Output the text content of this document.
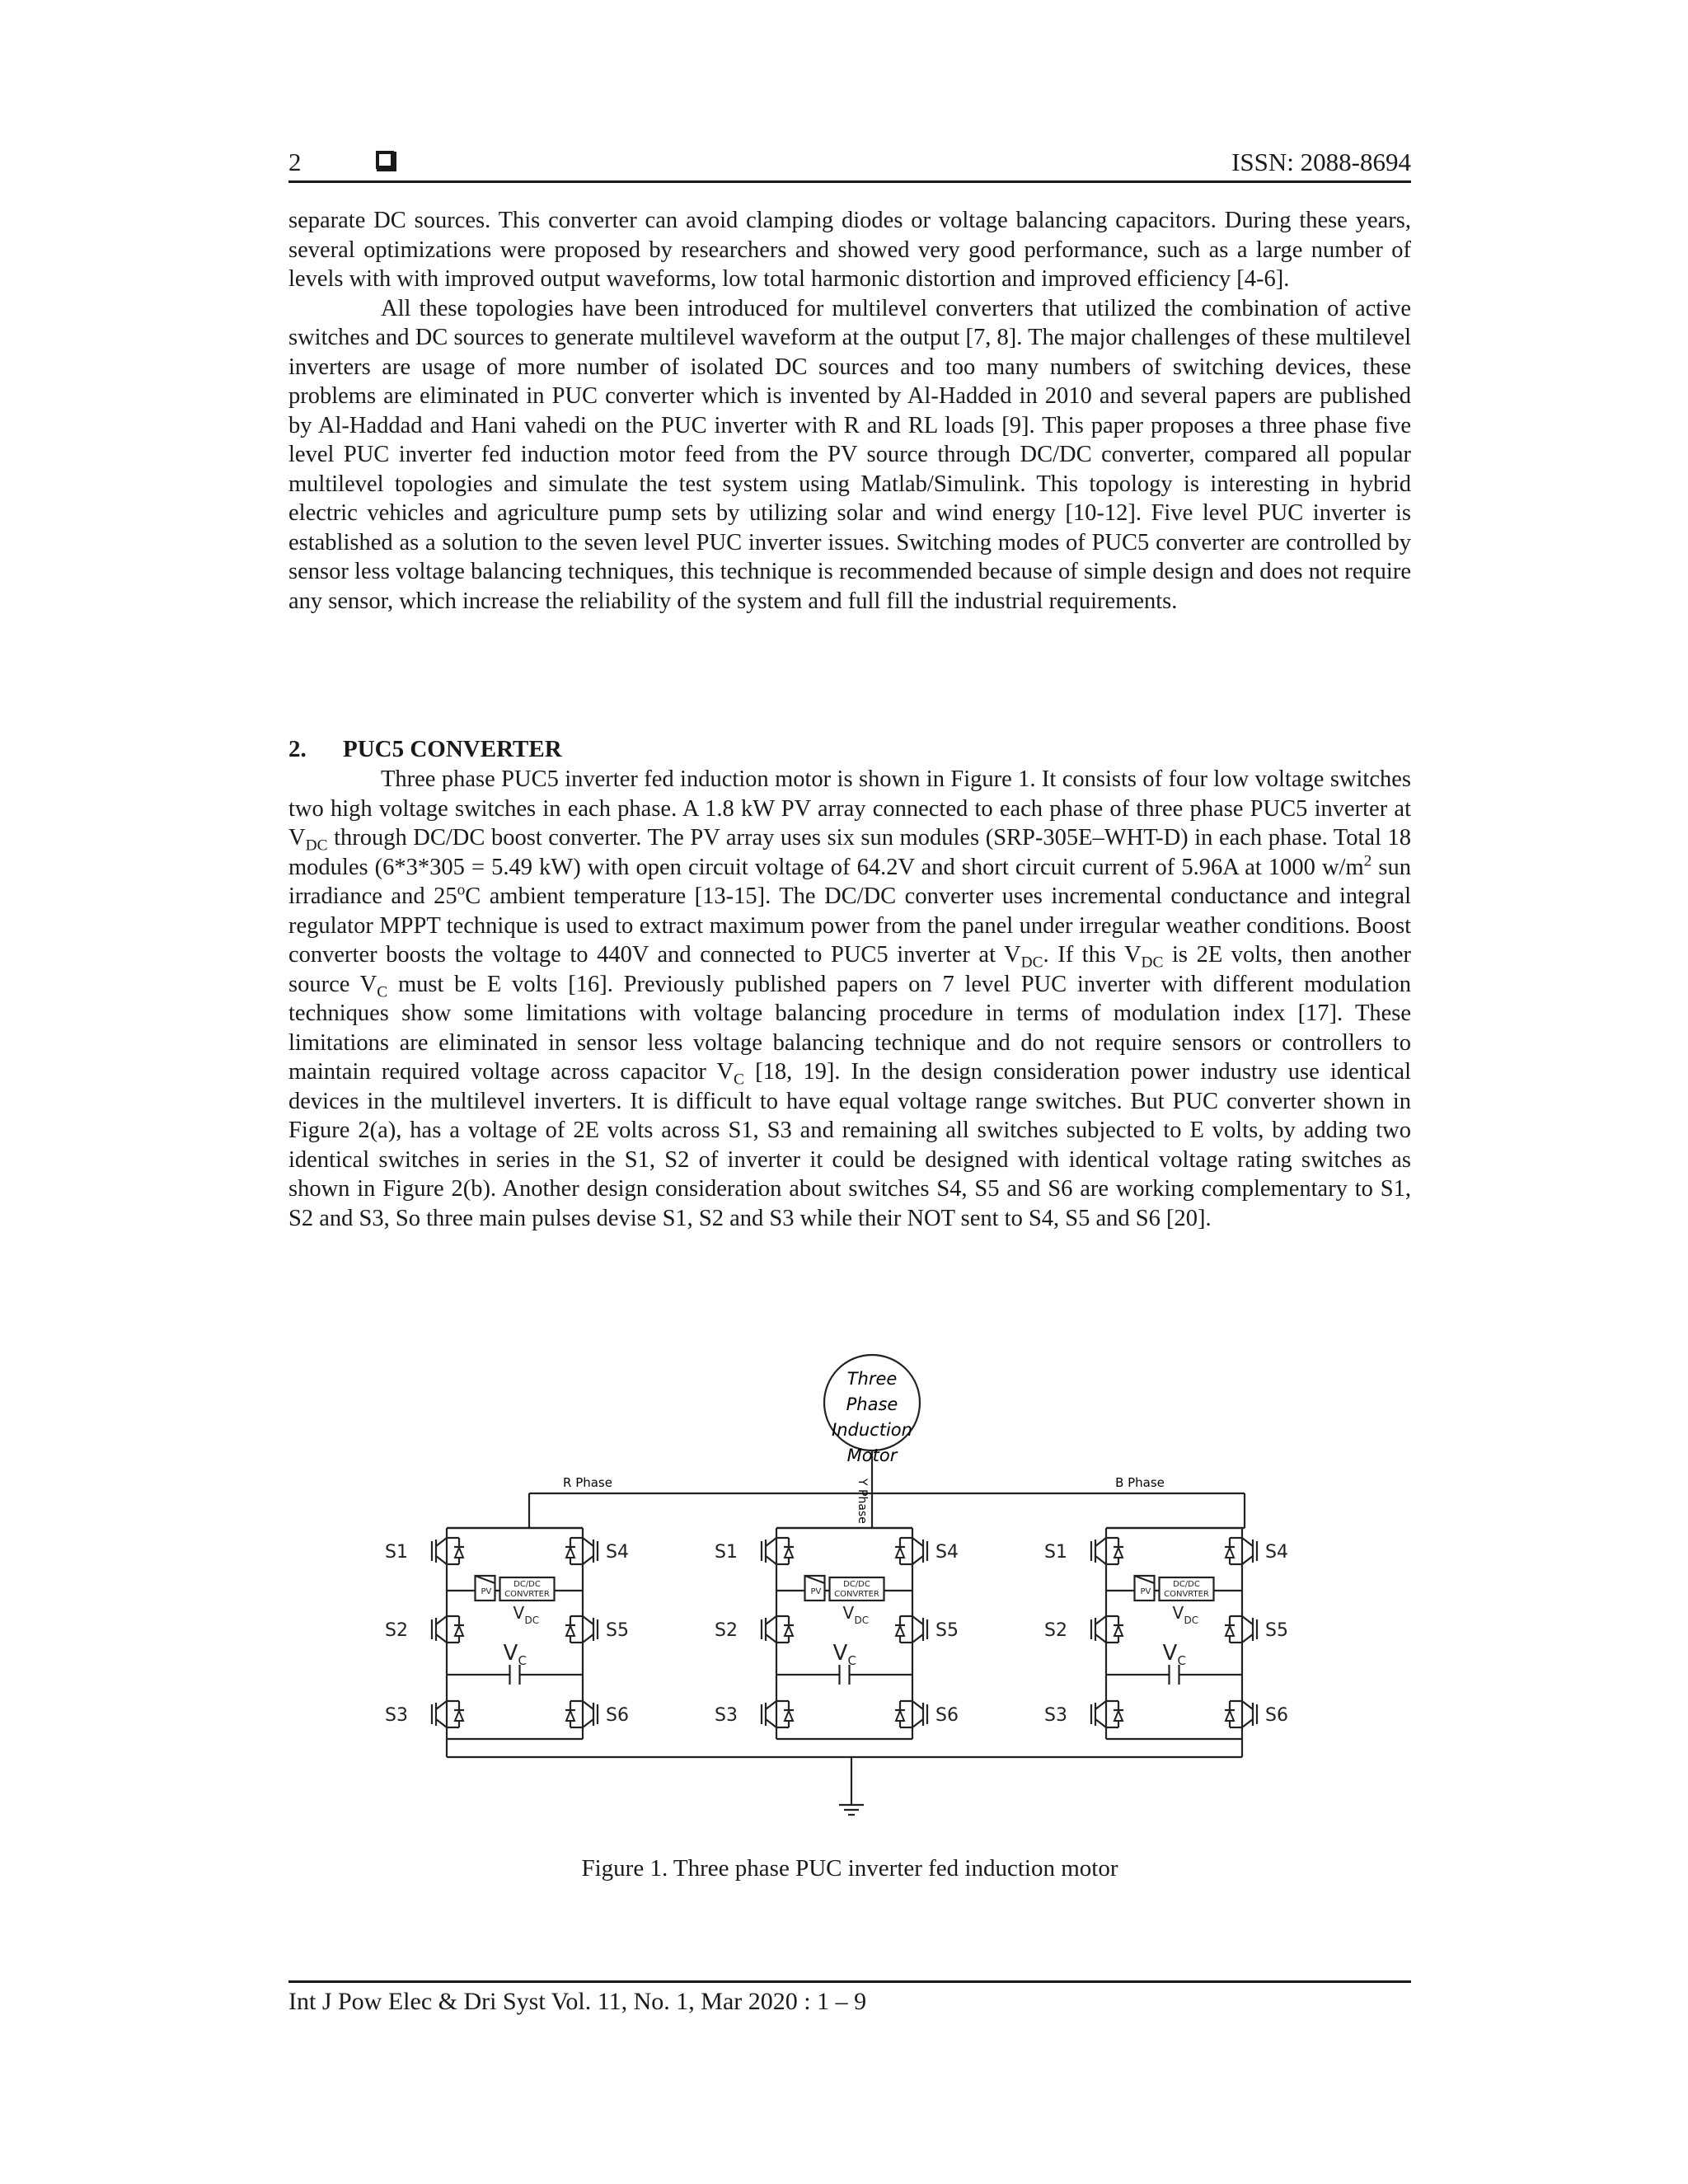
2	ISSN: 2088-8694

separate DC sources. This converter can avoid clamping diodes or voltage balancing capacitors. During these years, several optimizations were proposed by researchers and showed very good performance, such as a large number of levels with with improved output waveforms, low total harmonic distortion and improved efficiency [4-6].

All these topologies have been introduced for multilevel converters that utilized the combination of active switches and DC sources to generate multilevel waveform at the output [7, 8]. The major challenges of these multilevel inverters are usage of more number of isolated DC sources and too many numbers of switching devices, these problems are eliminated in PUC converter which is invented by Al-Hadded in 2010 and several papers are published by Al-Haddad and Hani vahedi on the PUC inverter with R and RL loads [9]. This paper proposes a three phase five level PUC inverter fed induction motor feed from the PV source through DC/DC converter, compared all popular multilevel topologies and simulate the test system using Matlab/Simulink. This topology is interesting in hybrid electric vehicles and agriculture pump sets by utilizing solar and wind energy [10-12]. Five level PUC inverter is established as a solution to the seven level PUC inverter issues. Switching modes of PUC5 converter are controlled by sensor less voltage balancing techniques, this technique is recommended because of simple design and does not require any sensor, which increase the reliability of the system and full fill the industrial requirements.

2. PUC5 CONVERTER

Three phase PUC5 inverter fed induction motor is shown in Figure 1. It consists of four low voltage switches two high voltage switches in each phase. A 1.8 kW PV array connected to each phase of three phase PUC5 inverter at $V_{DC}$ through DC/DC boost converter. The PV array uses six sun modules (SRP-305E–WHT-D) in each phase. Total 18 modules (6*3*305 = 5.49 kW) with open circuit voltage of 64.2V and short circuit current of 5.96A at 1000 $w/m^2$ sun irradiance and 25$^o$C ambient temperature [13-15]. The DC/DC converter uses incremental conductance and integral regulator MPPT technique is used to extract maximum power from the panel under irregular weather conditions. Boost converter boosts the voltage to 440V and connected to PUC5 inverter at $V_{DC}$. If this $V_{DC}$ is 2E volts, then another source $V_C$ must be E volts [16]. Previously published papers on 7 level PUC inverter with different modulation techniques show some limitations with voltage balancing procedure in terms of modulation index [17]. These limitations are eliminated in sensor less voltage balancing technique and do not require sensors or controllers to maintain required voltage across capacitor $V_C$ [18, 19]. In the design consideration power industry use identical devices in the multilevel inverters. It is difficult to have equal voltage range switches. But PUC converter shown in Figure 2(a), has a voltage of 2E volts across S1, S3 and remaining all switches subjected to E volts, by adding two identical switches in series in the S1, S2 of inverter it could be designed with identical voltage rating switches as shown in Figure 2(b). Another design consideration about switches S4, S5 and S6 are working complementary to S1, S2 and S3, So three main pulses devise S1, S2 and S3 while their NOT sent to S4, S5 and S6 [20].

Three
Phase
Induction
Motor
R Phase	B Phase
Y Phase
S1
S2
S3
S4
S5
S6
PV
DC/DC
CONVRTER
V DC
V C
S1
S2
S3
S4
S5
S6
PV
DC/DC
CONVRTER
V DC
V C
S1
S2
S3
S4
S5
S6
PV
DC/DC
CONVRTER
V DC
V C
Figure 1. Three phase PUC inverter fed induction motor
Int J Pow Elec & Dri Syst Vol. 11, No. 1, Mar 2020 : 1 – 9
